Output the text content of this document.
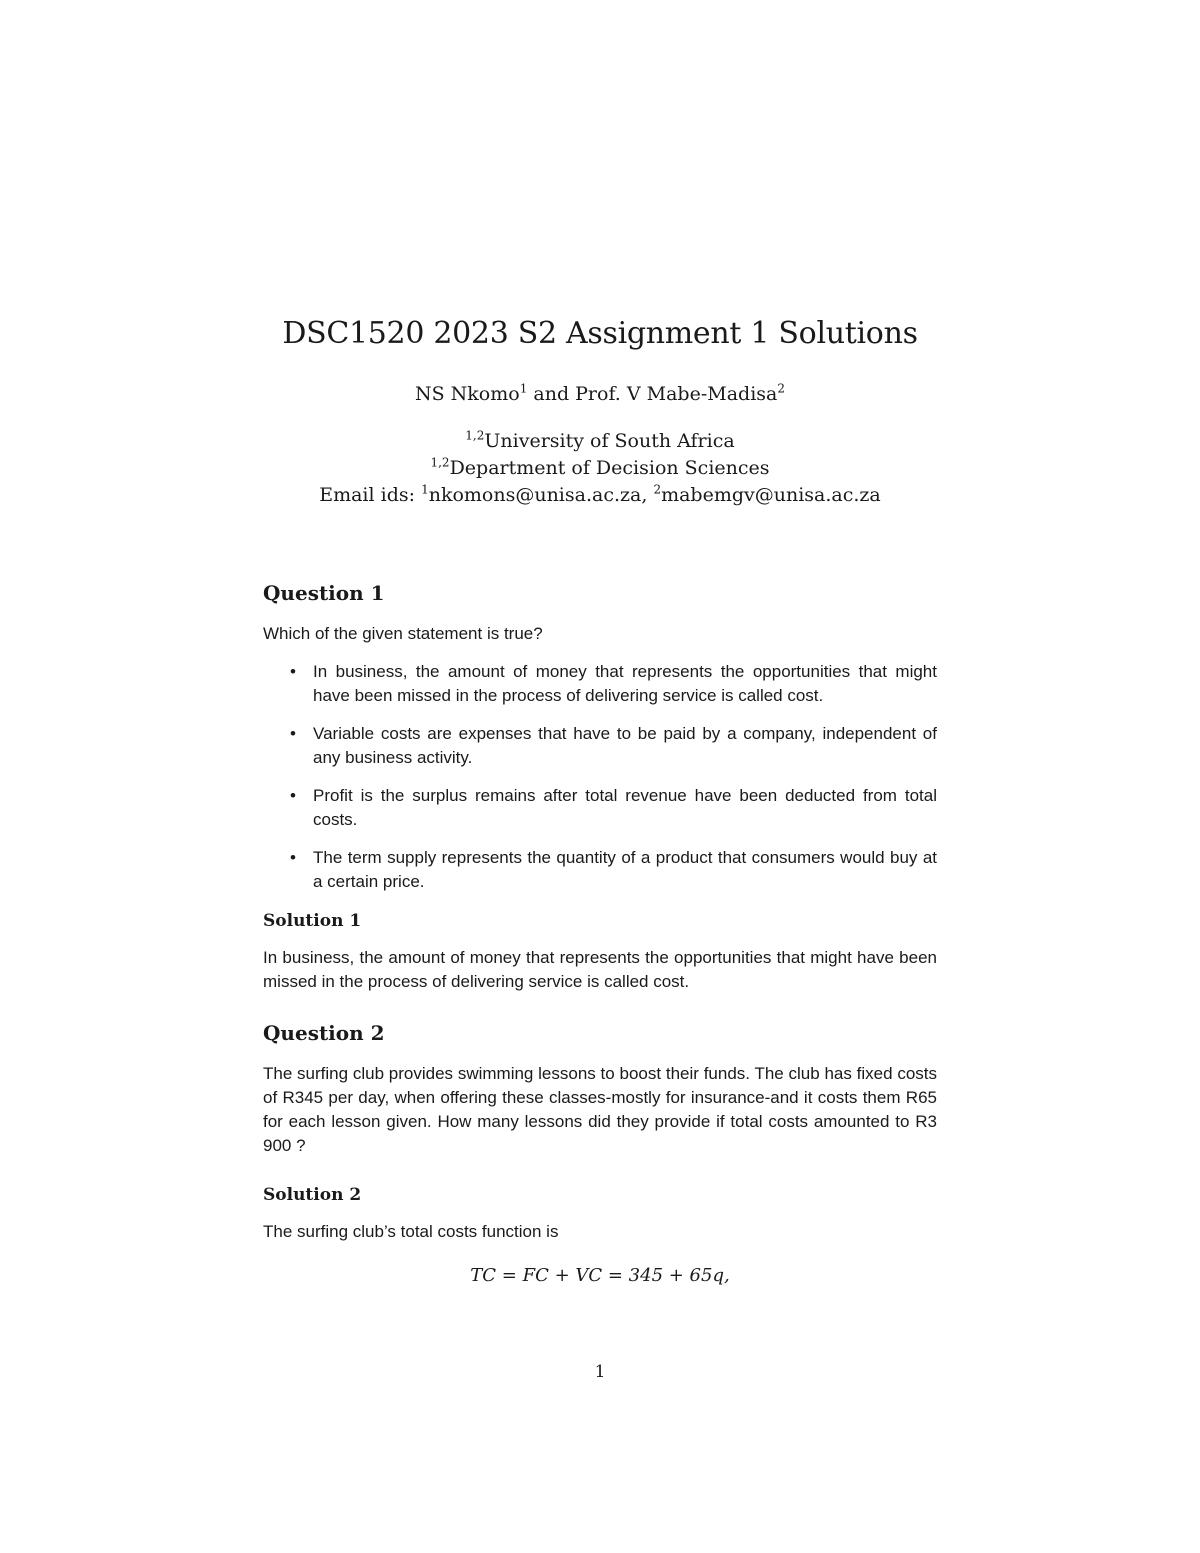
DSC1520 2023 S2 Assignment 1 Solutions
NS Nkomo$^1$ and Prof. V Mabe-Madisa$^2$
$^{1,2}$University of South Africa
$^{1,2}$Department of Decision Sciences
Email ids: $^1$nkomons@unisa.ac.za, $^2$mabemgv@unisa.ac.za
Question 1

Which of the given statement is true?

• In business, the amount of money that represents the opportunities that might have been missed in the process of delivering service is called cost.
• Variable costs are expenses that have to be paid by a company, independent of any business activity.
• Profit is the surplus remains after total revenue have been deducted from total costs.
• The term supply represents the quantity of a product that consumers would buy at a certain price.
Solution 1

In business, the amount of money that represents the opportunities that might have been missed in the process of delivering service is called cost.

Question 2

The surfing club provides swimming lessons to boost their funds. The club has fixed costs of R345 per day, when offering these classes-mostly for insurance-and it costs them R65 for each lesson given. How many lessons did they provide if total costs amounted to R3 900 ?

Solution 2

The surfing club’s total costs function is

TC = FC + VC = 345 + 65q,
1
